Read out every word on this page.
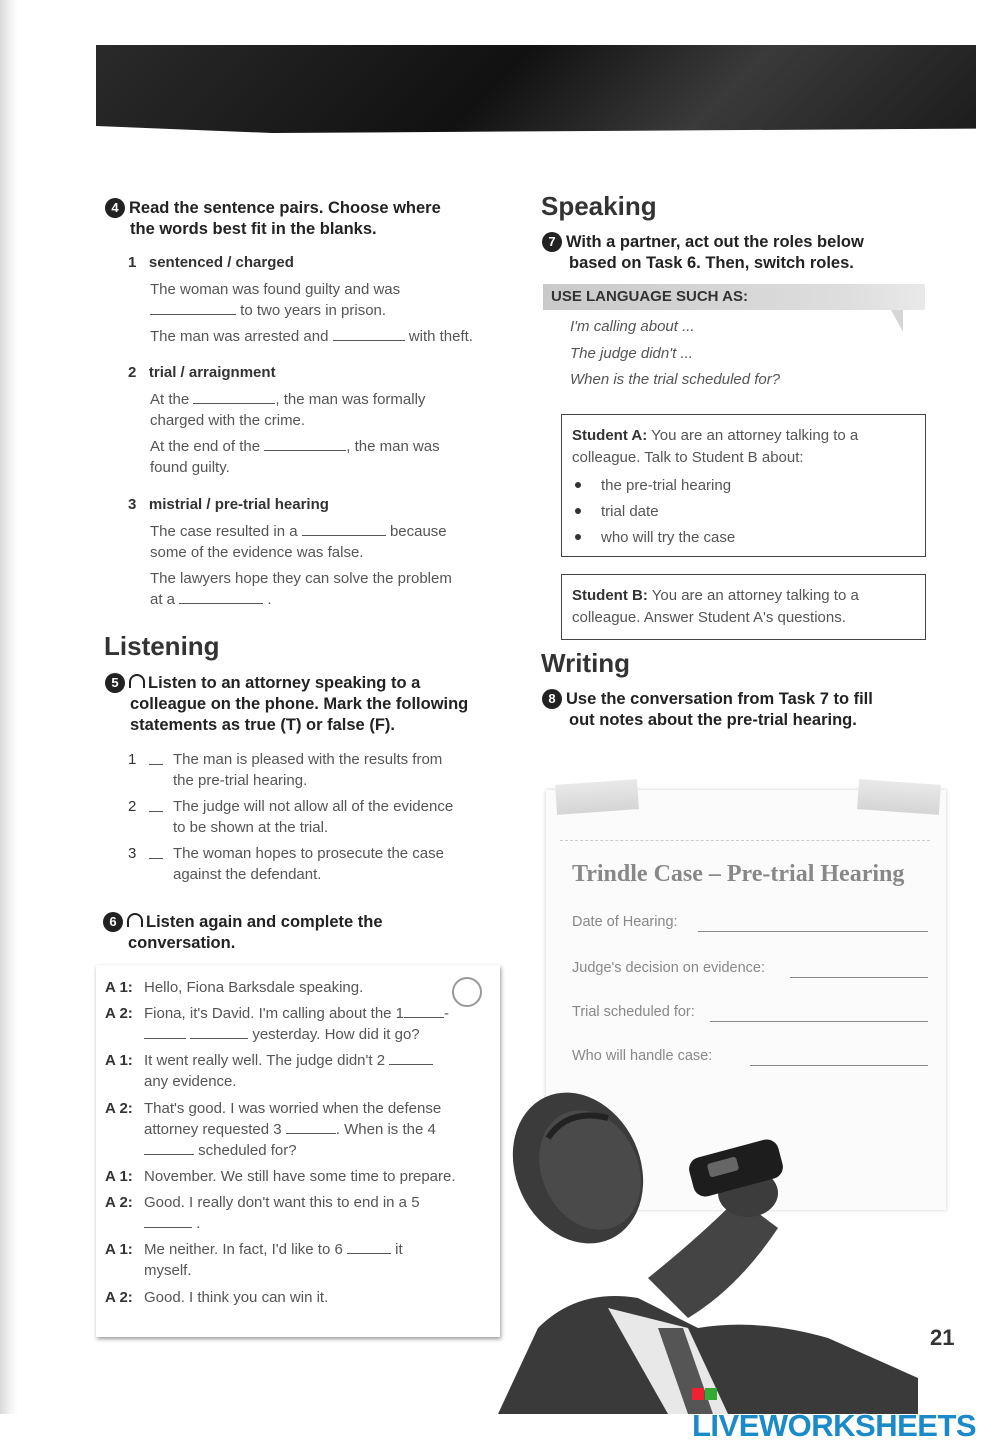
4 Read the sentence pairs. Choose where
the words best fit in the blanks.
1 sentenced / charged
The woman was found guilty and was
to two years in prison.
The man was arrested and	with theft.
2 trial / arraignment
At the	, the man was formally
charged with the crime.
At the end of the	, the man was
found guilty.
3 mistrial / pre-trial hearing
The case resulted in a	because
some of the evidence was false.
The lawyers hope they can solve the problem
at a	.
Listening
5 Listen to an attorney speaking to a
colleague on the phone. Mark the following
statements as true (T) or false (F).
1 The man is pleased with the results from
the pre-trial hearing.
2 The judge will not allow all of the evidence
to be shown at the trial.
3 The woman hopes to prosecute the case
against the defendant.
6 Listen again and complete the
conversation.
A 1: Hello, Fiona Barksdale speaking.
A 2: Fiona, it's David. I'm calling about the 1	-
yesterday. How did it go?
A 1: It went really well. The judge didn't 2
any evidence.
A 2: That's good. I was worried when the defense
attorney requested 3	. When is the 4
scheduled for?
A 1: November. We still have some time to prepare.
A 2: Good. I really don't want this to end in a 5
.
A 1: Me neither. In fact, I'd like to 6	it
myself.
A 2: Good. I think you can win it.
Speaking
7 With a partner, act out the roles below
based on Task 6. Then, switch roles.
USE LANGUAGE SUCH AS:
I'm calling about ...
The judge didn't ...
When is the trial scheduled for?
Student A: You are an attorney talking to a
colleague. Talk to Student B about:
the pre-trial hearing
trial date
who will try the case
Student B: You are an attorney talking to a
colleague. Answer Student A's questions.
Writing
8 Use the conversation from Task 7 to fill
out notes about the pre-trial hearing.
Trindle Case – Pre-trial Hearing
Date of Hearing:
Judge's decision on evidence:
Trial scheduled for:
Who will handle case:
21
LIVEWORKSHEETS
